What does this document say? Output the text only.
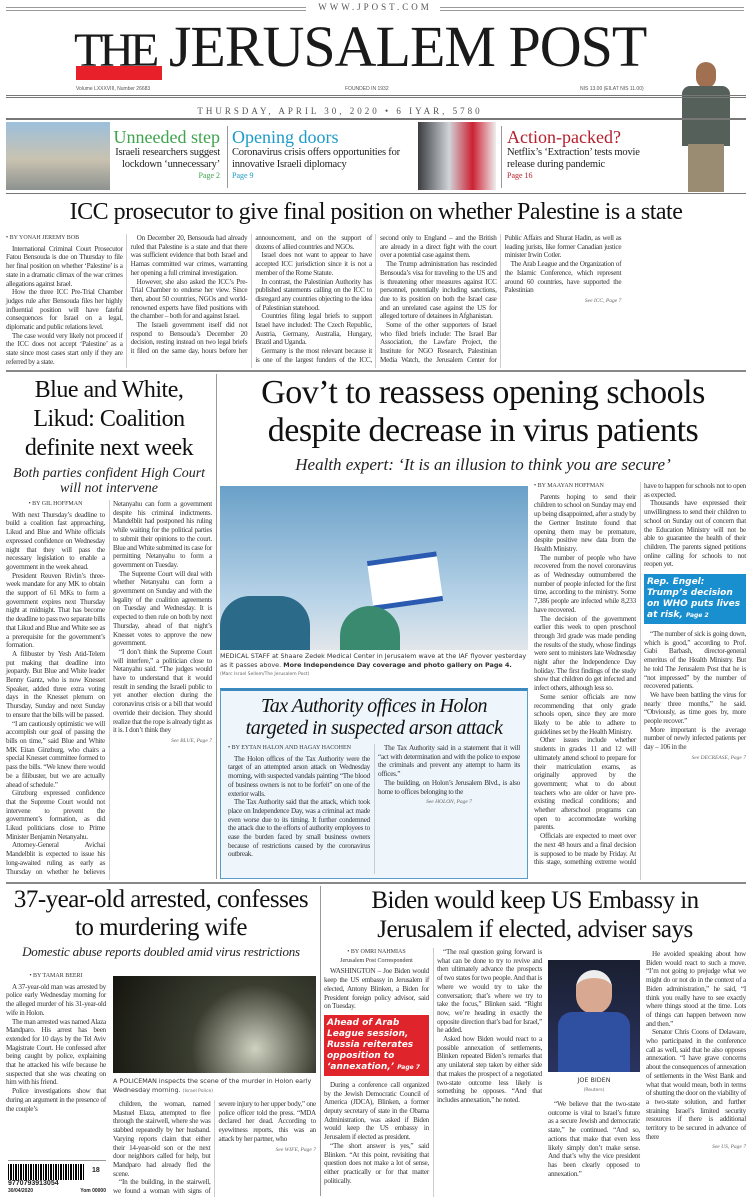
WWW.JPOST.COM
THE JERUSALEM POST
Volume LXXXVIII, Number 26683	FOUNDED IN 1932	NIS 13.00 (EILAT NIS 11.00)
THURSDAY, APRIL 30, 2020 • 6 IYAR, 5780
Unneeded step
Israeli researchers suggest lockdown ‘unnecessary’
Page 2
Opening doors
Coronavirus crisis offers opportunities for innovative Israeli diplomacy
Page 9
Action-packed?
Netflix’s ‘Extraction’ tests movie release during pandemic
Page 16
ICC prosecutor to give final position on whether Palestine is a state
• BY YONAH JEREMY BOB

International Criminal Court Prosecutor Fatou Bensouda is due on Thursday to file her final position on whether ‘Palestine’ is a state in a dramatic climax of the war crimes allegations against Israel.

How the three ICC Pre-Trial Chamber judges rule after Bensouda files her highly influential position will have fateful consequences for Israel on a legal, diplomatic and public relations level.

The case would very likely not proceed if the ICC does not accept ‘Palestine’ as a state since most cases start only if they are referred by a state.

On December 20, Bensouda had already ruled that Palestine is a state and that there was sufficient evidence that both Israel and Hamas committed war crimes, warranting her opening a full criminal investigation.

However, she also asked the ICC’s Pre-Trial Chamber to endorse her view. Since then, about 50 countries, NGOs and world-renowned experts have filed positions with the chamber – both for and against Israel.

The Israeli government itself did not respond to Bensouda’s December 20 decision, resting instead on two legal briefs it filed on the same day, hours before her announcement, and on the support of dozens of allied countries and NGOs.

Israel does not want to appear to have accepted ICC jurisdiction since it is not a member of the Rome Statute.

In contrast, the Palestinian Authority has published statements calling on the ICC to disregard any countries objecting to the idea of Palestinian statehood.

Countries filing legal briefs to support Israel have included: The Czech Republic, Austria, Germany, Australia, Hungary, Brazil and Uganda.

Germany is the most relevant because it is one of the largest funders of the ICC, second only to England – and the British are already in a direct fight with the court over a potential case against them.

The Trump administration has rescinded Bensouda’s visa for traveling to the US and is threatening other measures against ICC personnel, potentially including sanctions, due to its position on both the Israel case and an unrelated case against the US for alleged torture of detainees in Afghanistan.

Some of the other supporters of Israel who filed briefs include: The Israel Bar Association, the Lawfare Project, the Institute for NGO Research, Palestinian Media Watch, the Jerusalem Center for Public Affairs and Shurat Hadin, as well as leading jurists, like former Canadian justice minister Irwin Cotler.

The Arab League and the Organization of the Islamic Conference, which represent around 60 countries, have supported the Palestinian

See ICC, Page 7
Blue and White, Likud: Coalition definite next week
Both parties confident High Court will not intervene
• BY GIL HOFFMAN

With next Thursday’s deadline to build a coalition fast approaching, Likud and Blue and White officials expressed confidence on Wednesday night that they will pass the necessary legislation to enable a government in the week ahead.

President Reuven Rivlin’s three-week mandate for any MK to obtain the support of 61 MKs to form a government expires next Thursday night at midnight. That has become the deadline to pass two separate bills that Likud and Blue and White see as a prerequisite for the government’s formation.

A filibuster by Yesh Atid-Telem put making that deadline into jeopardy. But Blue and White leader Benny Gantz, who is now Knesset Speaker, added three extra voting days in the Knesset plenum on Thursday, Sunday and next Sunday to ensure that the bills will be passed.

“I am cautiously optimistic we will accomplish our goal of passing the bills on time,” said Blue and White MK Eitan Ginzburg, who chairs a special Knesset committee formed to pass the bills. “We knew there would be a filibuster, but we are actually ahead of schedule.”

Ginzburg expressed confidence that the Supreme Court would not intervene to prevent the government’s formation, as did Likud politicians close to Prime Minister Benjamin Netanyahu.

Attorney-General Avichai Mandelblit is expected to issue his long-awaited ruling as early as Thursday on whether he believes Netanyahu can form a government despite his criminal indictments. Mandelblit had postponed his ruling while waiting for the political parties to submit their opinions to the court. Blue and White submitted its case for permitting Netanyahu to form a government on Tuesday.

The Supreme Court will deal with whether Netanyahu can form a government on Sunday and with the legality of the coalition agreements on Tuesday and Wednesday. It is expected to then rule on both by next Thursday, ahead of that night’s Knesset votes to approve the new government.

“I don’t think the Supreme Court will interfere,” a politician close to Netanyahu said. “The judges would have to understand that it would result in sending the Israeli public to yet another election during the coronavirus crisis or a bill that would override their decision. They should realize that the rope is already tight as it is. I don’t think they

See BLUE, Page 7
Gov’t to reassess opening schools despite decrease in virus patients
Health expert: ‘It is an illusion to think you are secure’
MEDICAL STAFF at Shaare Zedek Medical Center in Jerusalem wave at the IAF flyover yesterday as it passes above. More Independence Day coverage and photo gallery on Page 4.
(Marc Israel Sellem/The Jerusalem Post)
Tax Authority offices in Holon targeted in suspected arson attack
• BY EYTAN HALON AND HAGAY HACOHEN

The Holon offices of the Tax Authority were the target of an attempted arson attack on Wednesday morning, with suspected vandals painting “The blood of business owners is not to be forfeit” on one of the exterior walls.

The Tax Authority said that the attack, which took place on Independence Day, was a criminal act made even worse due to its timing. It further condemned the attack due to the efforts of authority employees to ease the burden faced by small business owners because of restrictions caused by the coronavirus outbreak.

The Tax Authority said in a statement that it will “act with determination and with the police to expose the criminals and prevent any attempt to harm its offices.”

The building, on Holon’s Jerusalem Blvd., is also home to offices belonging to the

See HOLON, Page 7
• BY MAAYAN HOFFMAN

Parents hoping to send their children to school on Sunday may end up being disappointed, after a study by the Gertner Institute found that opening them may be premature, despite positive new data from the Health Ministry.

The number of people who have recovered from the novel coronavirus as of Wednesday outnumbered the number of people infected for the first time, according to the ministry. Some 7,386 people are infected while 8,233 have recovered.

The decision of the government earlier this week to open preschool through 3rd grade was made pending the results of the study, whose findings were sent to ministers late Wednesday night after the Independence Day holiday. The first findings of the study show that children do get infected and infect others, although less so.

Some senior officials are now recommending that only grade schools open, since they are more likely to be able to adhere to guidelines set by the Health Ministry.

Other issues include whether students in grades 11 and 12 will ultimately attend school to prepare for their matriculation exams, as originally approved by the government; what to do about teachers who are older or have pre-existing medical conditions; and whether afterschool programs can open to accommodate working parents.

Officials are expected to meet over the next 48 hours and a final decision is supposed to be made by Friday. At this stage, something extreme would have to happen for schools not to open as expected.

Thousands have expressed their unwillingness to send their children to school on Sunday out of concern that the Education Ministry will not be able to guarantee the health of their children. The parents signed petitions online calling for schools to not reopen yet.

Rep. Engel: Trump’s decision on WHO puts lives at risk, Page 2

“The number of sick is going down, which is good,” according to Prof. Gabi Barbash, director-general emeritus of the Health Ministry. But he told The Jerusalem Post that he is “not impressed” by the number of recovered patients.

We have been battling the virus for nearly three months,” he said. “Obviously, as time goes by, more people recover.”

More important is the average number of newly infected patients per day – 106 in the

See DECREASE, Page 7
37-year-old arrested, confesses to murdering wife
Domestic abuse reports doubled amid virus restrictions
• BY TAMAR BEERI

A 37-year-old man was arrested by police early Wednesday morning for the alleged murder of his 31-year-old wife in Holon.

The man arrested was named Alaza Mandparo. His arrest has been extended for 10 days by the Tel Aviv Magistrate Court. He confessed after being caught by police, explaining that he attacked his wife because he suspected that she was cheating on him with his friend.

Police investigations show that during an argument in the presence of the couple’s

A POLICEMAN inspects the scene of the murder in Holon early Wednesday morning. (Israel Police)

children, the woman, named Mastuel Elaza, attempted to flee through the stairwell, where she was stabbed repeatedly by her husband. Varying reports claim that either their 14-year-old son or the next door neighbors called for help, but Mandparo had already fled the scene.

“In the building, in the stairwell, we found a woman with signs of severe injury to her upper body,” one police officer told the press. “MDA declared her dead. According to eyewitness reports, this was an attack by her partner, who

See WIFE, Page 7
9770793913054
30/04/2020	Yom 00000
18
Biden would keep US Embassy in Jerusalem if elected, adviser says
• BY OMRI NAHMIAS
Jerusalem Post Correspondent

WASHINGTON – Joe Biden would keep the US embassy in Jerusalem if elected, Antony Blinken, a Biden for President foreign policy advisor, said on Tuesday.

Ahead of Arab League session, Russia reiterates opposition to ‘annexation,’ Page 7

During a conference call organized by the Jewish Democratic Council of America (JDCA), Blinken, a former deputy secretary of state in the Obama Administration, was asked if Biden would keep the US embassy in Jerusalem if elected as president.

“The short answer is yes,” said Blinken. “At this point, revisiting that question does not make a lot of sense, either practically or for that matter politically.

“The real question going forward is what can be done to try to revive and then ultimately advance the prospects of two states for two people. And that is where we would try to take the conversation; that’s where we try to take the focus,” Blinken said. “Right now, we’re heading in exactly the opposite direction that’s bad for Israel,” he added.

Asked how Biden would react to a possible annexation of settlements, Blinken repeated Biden’s remarks that any unilateral step taken by either side that makes the prospect of a negotiated two-state outcome less likely is something he opposes. “And that includes annexation,” he noted.

JOE BIDEN
(Reuters)

“We believe that the two-state outcome is vital to Israel’s future as a secure Jewish and democratic state,” he continued. “And so, actions that make that even less likely simply don’t make sense. And that’s why the vice president has been clearly opposed to annexation.”

He avoided speaking about how Biden would react to such a move. “I’m not going to prejudge what we might do or not do in the context of a Biden administration,” he said, “I think you really have to see exactly where things stood at the time. Lots of things can happen between now and then.”

Senator Chris Coons of Delaware, who participated in the conference call as well, said that he also opposes annexation. “I have grave concerns about the consequences of annexation of settlements in the West Bank and what that would mean, both in terms of shutting the door on the viability of a two-state solution, and further straining Israel’s limited security resources if there is additional territory to be secured in advance of there

See US, Page 7
